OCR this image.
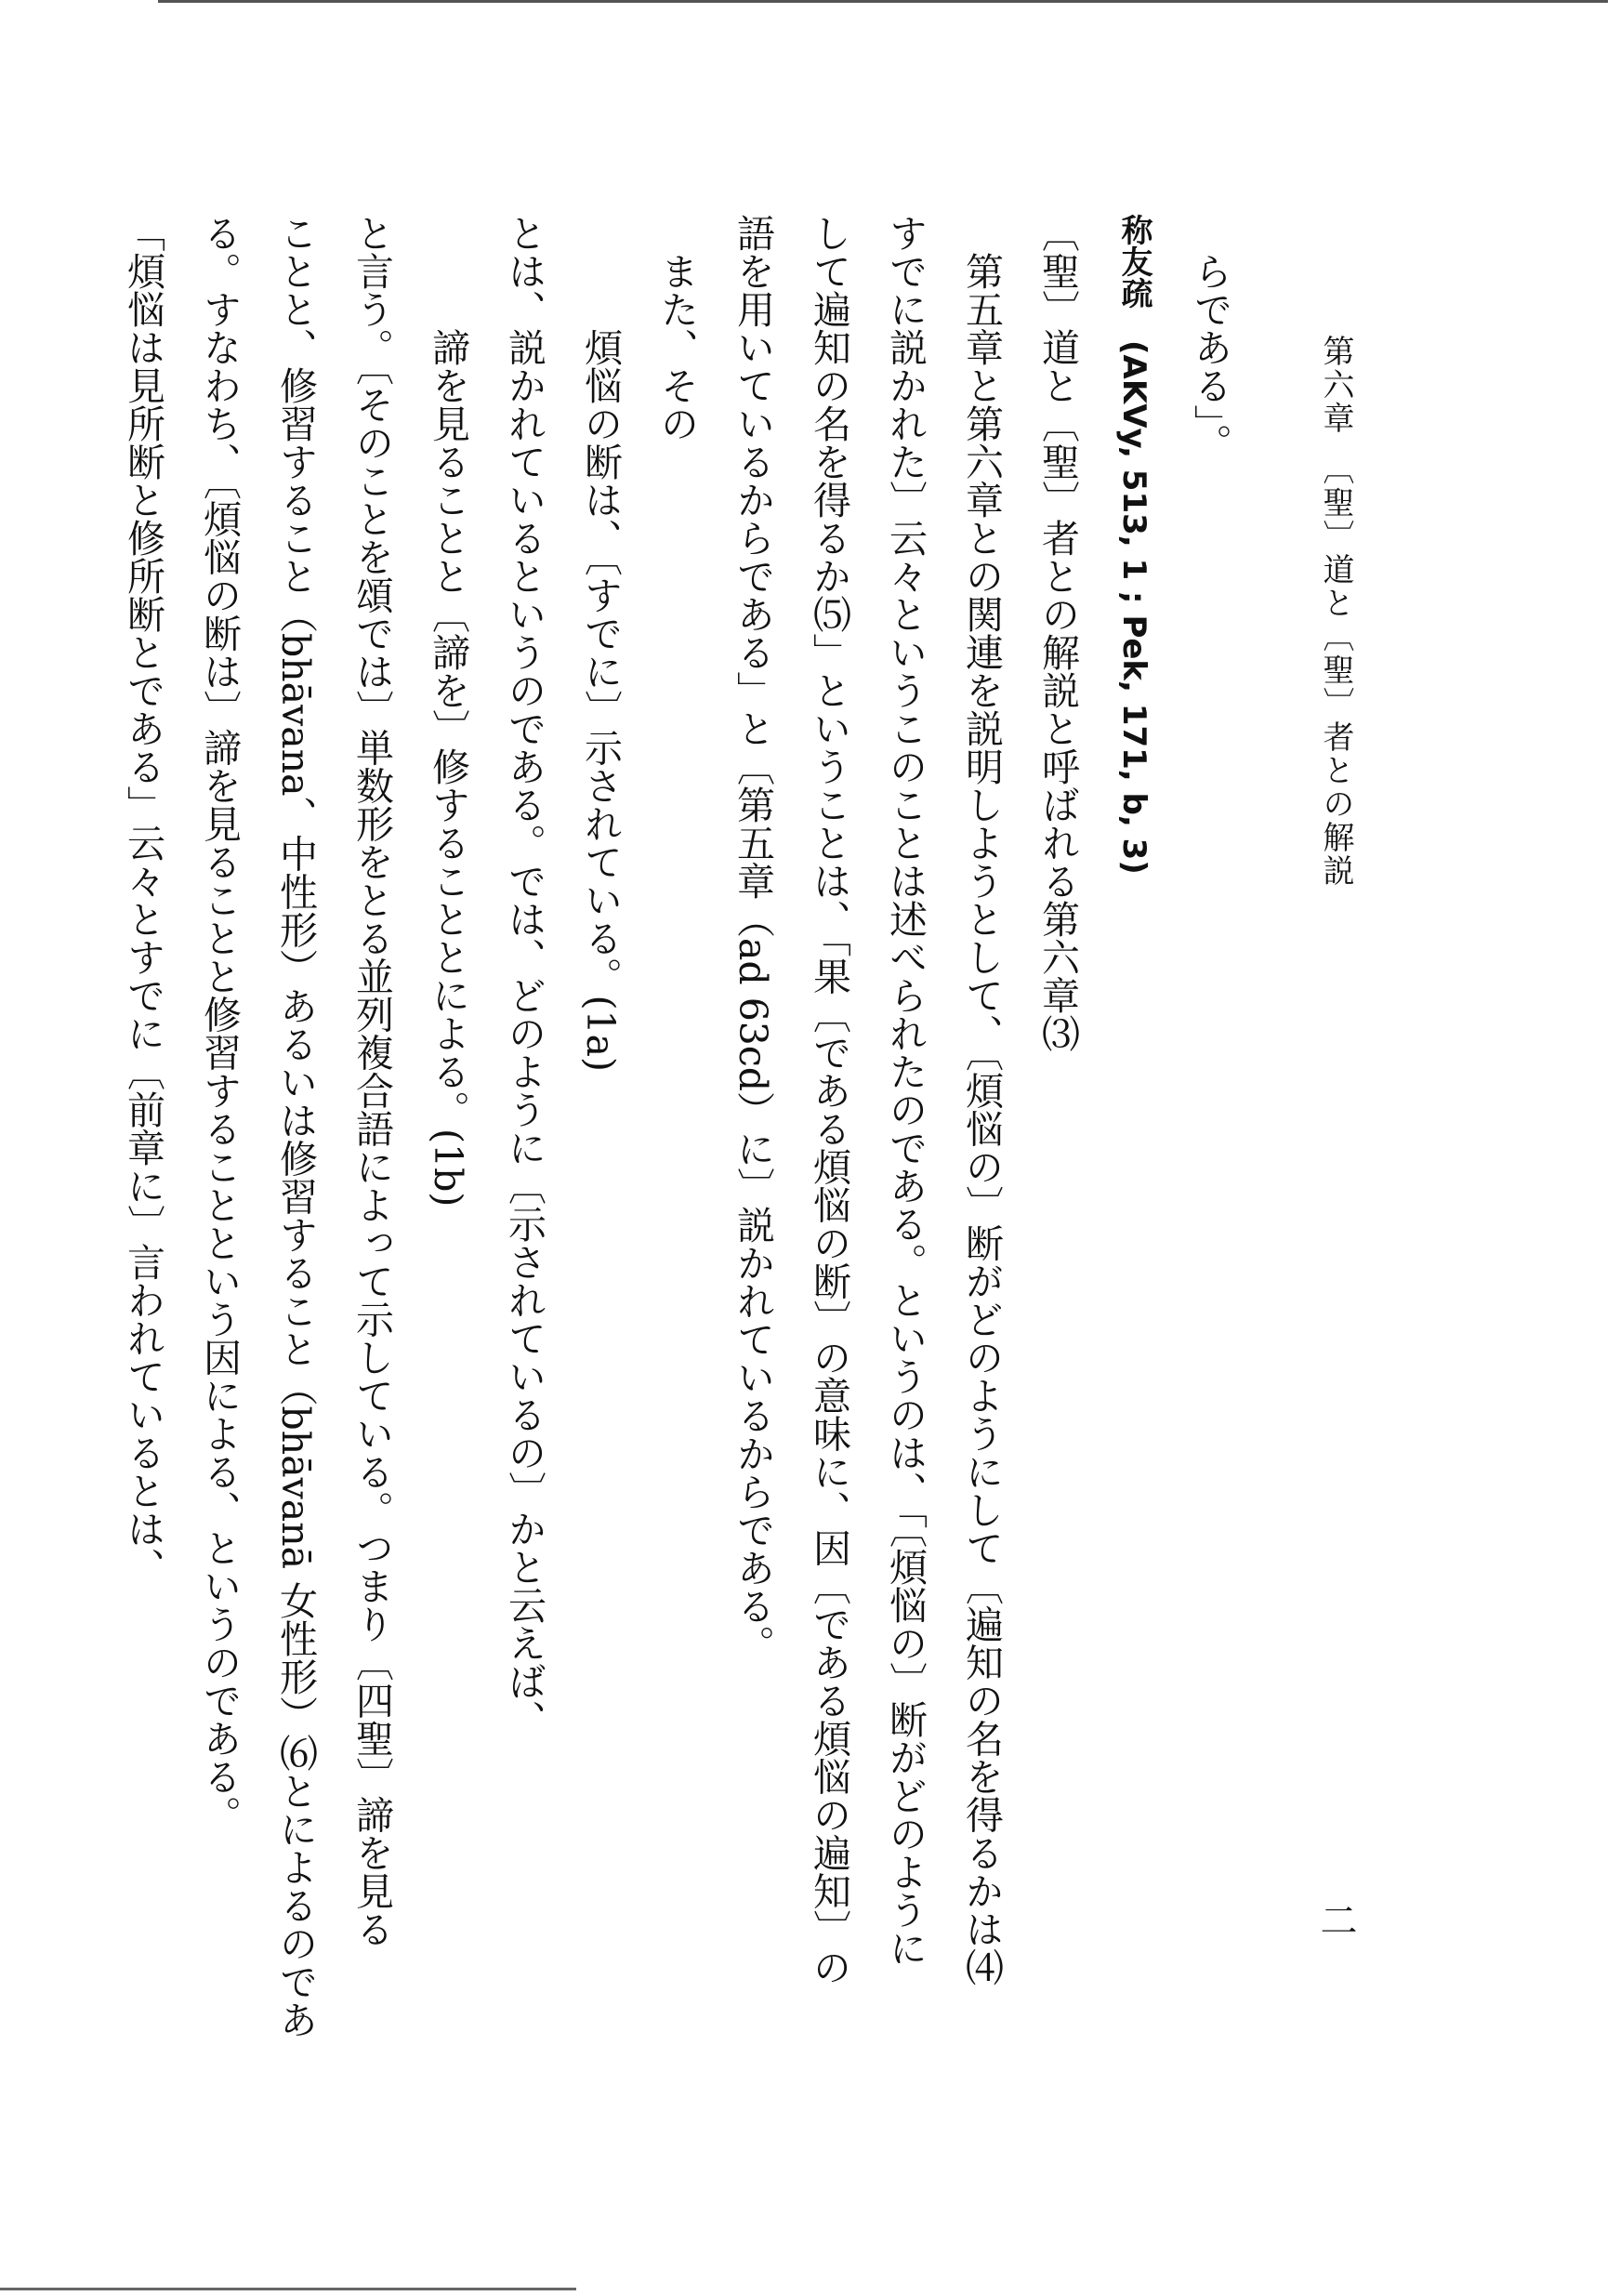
第六章　〔聖〕道と〔聖〕者との解説
二
らである」。
称友疏　(AKVy, 513, 1 ; Pek, 171, b, 3)
〔聖〕道と〔聖〕者との解説と呼ばれる第六章⑶
第五章と第六章との関連を説明しようとして、〔煩悩の〕断がどのようにして〔遍知の名を得るかは⑷
すでに説かれた〕云々というこのことは述べられたのである。というのは、「〔煩悩の〕断がどのように
して遍知の名を得るか⑸」ということは、「果〔である煩悩の断〕の意味に、因〔である煩悩の遍知〕の
語を用いているからである」と〔第五章（ad 63cd）に〕説かれているからである。
また、その
煩悩の断は、〔すでに〕示されている。(1a)
とは、説かれているというのである。では、どのように〔示されているの〕かと云えば、
諦を見ることと〔諦を〕修することとによる。(1b)
と言う。〔そのことを頌では〕単数形をとる並列複合語によって示している。つまり〔四聖〕諦を見る
ことと、修習すること（bhāvana、中性形）あるいは修習すること（bhāvanā 女性形）⑹とによるのであ
る。すなわち、〔煩悩の断は〕諦を見ることと修習することという因による、というのである。
「煩悩は見所断と修所断とである」云々とすでに〔前章に〕言われているとは、
